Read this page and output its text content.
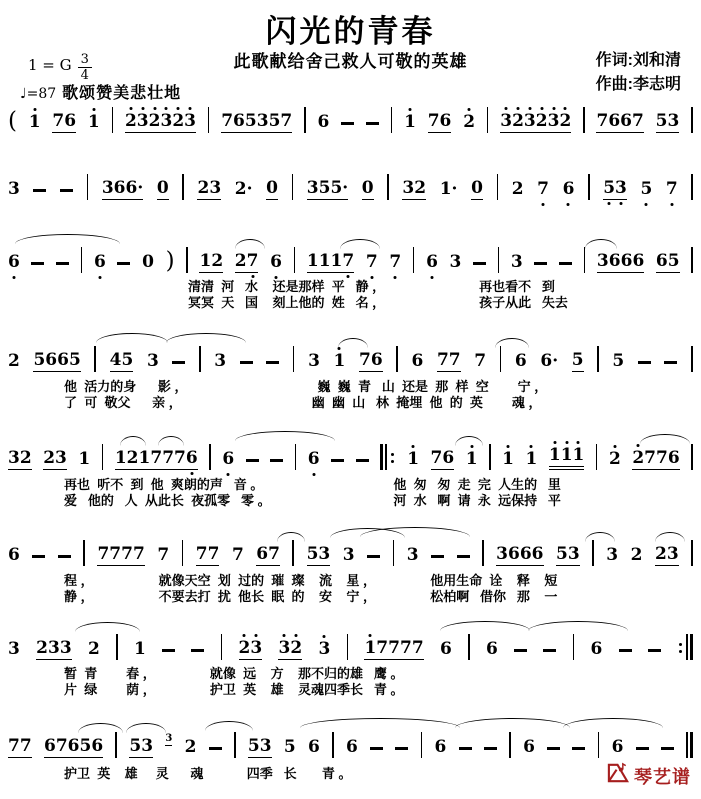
闪光的青春
此歌献给舍己救人可敬的英雄	作词:刘和清
作曲:李志明
1 = G $\frac{3}{4}$
♩=87 歌颂赞美悲壮地
( 1 7 6 1 2 3 2 3 2 3 7 6 5 3 5 7 6	1 7 6 2 3 2 3 2 3 2 7 6 6 7 5 3
3	3 6 6 · 0 2 3 2 · 0 3 5 5 · 0 3 2 1 · 0 2 7 6 5 3 5 7
6	6 0 ) 1 2 2 7 6 1 1 1 7 7 7 6 3	3	3 6 6 6 6 5
清清  河   水    还是那样  平   静 ，                          再也看不   到
冥冥  天   国    刻上他的  姓   名 ，                          孩子从此   失去
2 5 6 6 5 4 5 3	3	3 1 7 6 6 7 7 7 6 6 · 5 5
他  活力的身      影 ，                                    巍  巍  青   山  还是  那  样  空        宁 ，
了  可  敬父      亲 ，                                    幽  幽  山   林  掩埋  他  的  英        魂 ，
3 2 2 3 1 1 2 1 7 7 7 6 6	6	1 7 6 1 1 1 1 1 1 2 2 7 7 6
再也  听不  到  他  爽朗的声   音 。                                    他  匆   匆  走  完  人生的   里
爱   他的   人  从此长  夜孤零   零 。                                  河  水   啊  请  永  远保持   平
6	7 7 7 7 7 7 7 7 6 7 5 3 3	3	3 6 6 6 5 3 3 2 2 3
程 ，                  就像天空  划  过的  璀  璨    流    星 ，               他用生命  诠    释    短
静 ，                  不要去打  扰  他长  眠  的    安    宁 ，               松柏啊   借你   那    一
3 2 3 3 2 1	2 3 3 2 3 1 7 7 7 7 6 6	6
暂  青        春 ，               就像  远    方    那不归的雄   鹰 。
片  绿        荫 ，               护卫  英    雄    灵魂四季长   青 。
7 7 6 7 6 5 6 5 3 3 2	5 3 5 6 6	6	6	6
护卫  英    雄     灵      魂            四季   长       青 。	琴艺谱
